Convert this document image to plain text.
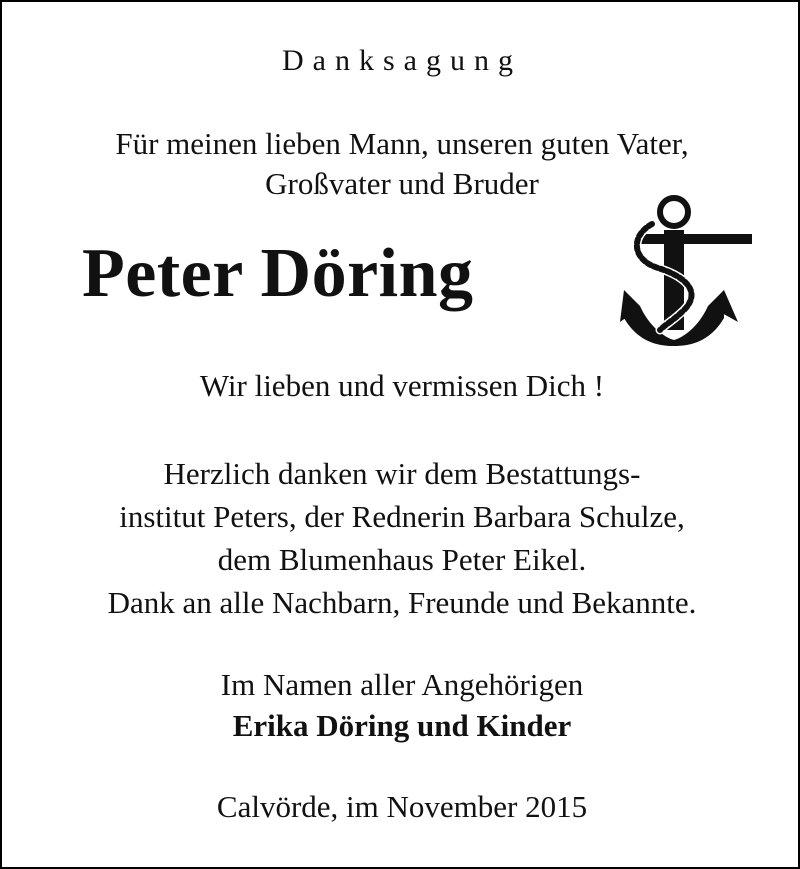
Danksagung
Für meinen lieben Mann, unseren guten Vater,
Großvater und Bruder
Peter Döring
Wir lieben und vermissen Dich !
Herzlich danken wir dem Bestattungs-
institut Peters, der Rednerin Barbara Schulze,
dem Blumenhaus Peter Eikel.
Dank an alle Nachbarn, Freunde und Bekannte.
Im Namen aller Angehörigen
Erika Döring und Kinder
Calvörde, im November 2015
